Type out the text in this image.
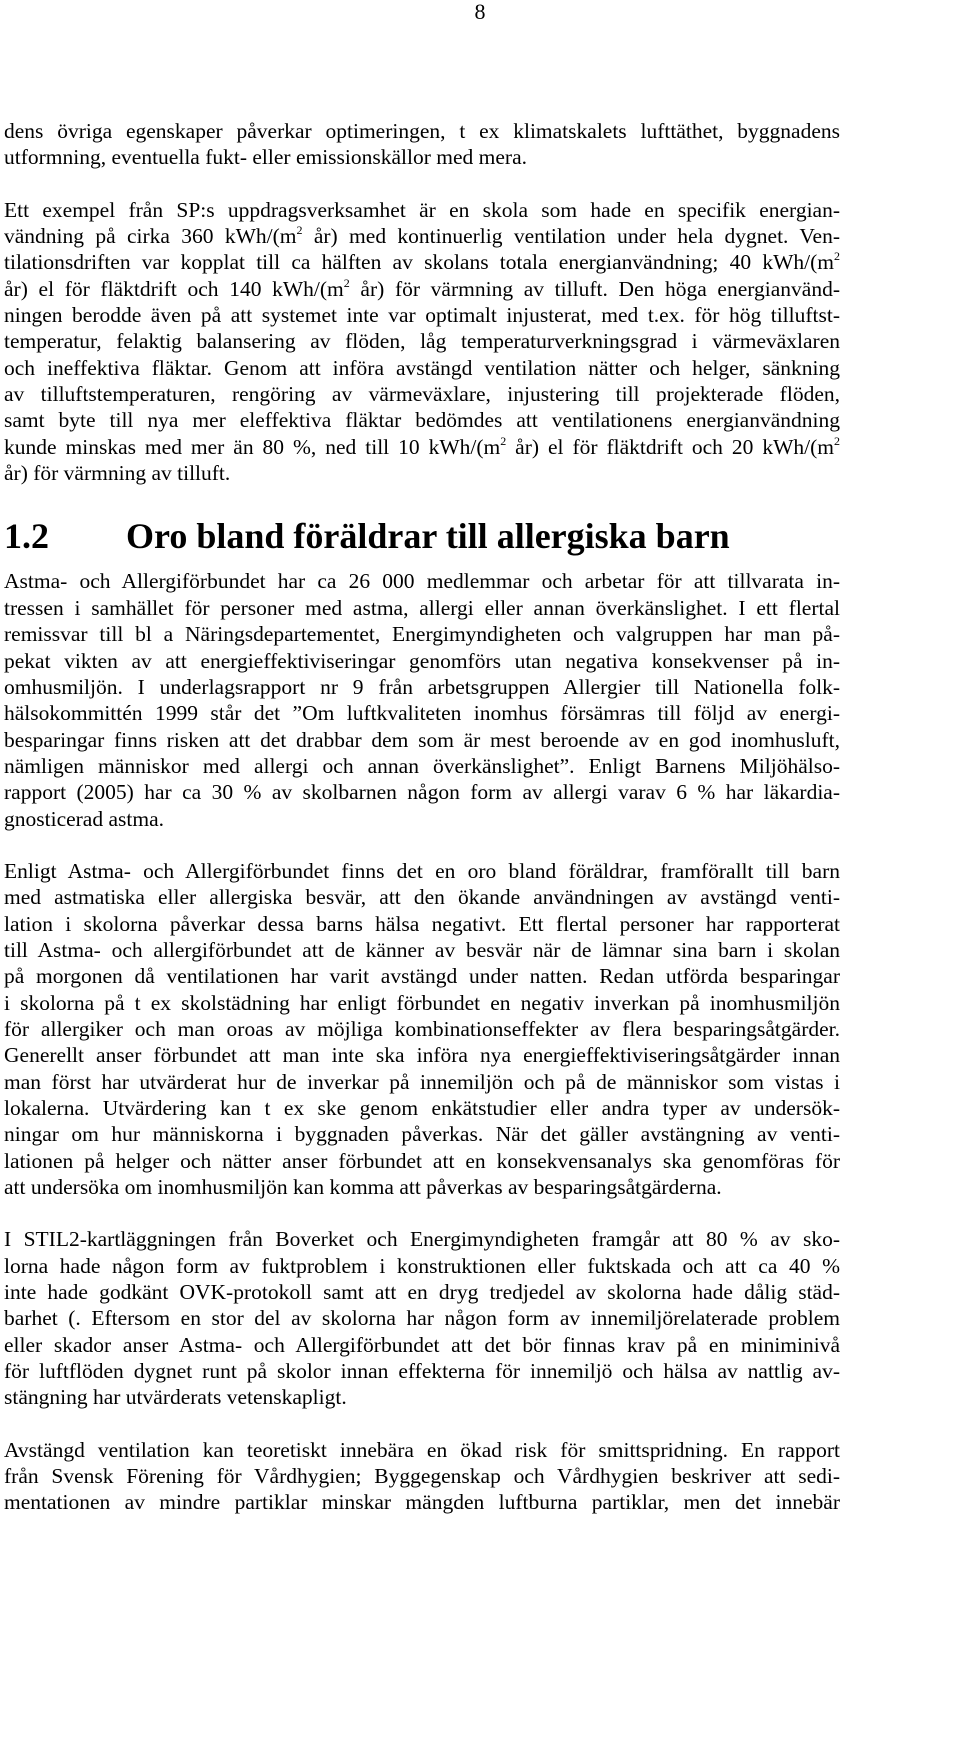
8
dens övriga egenskaper påverkar optimeringen, t ex klimatskalets lufttäthet, byggnadens
utformning, eventuella fukt- eller emissionskällor med mera.
Ett exempel från SP:s uppdragsverksamhet är en skola som hade en specifik energian-
vändning på cirka 360 kWh/($m^2$ år) med kontinuerlig ventilation under hela dygnet. Ven-
tilationsdriften var kopplat till ca hälften av skolans totala energianvändning; 40 kWh/($m^2$
år) el för fläktdrift och 140 kWh/($m^2$ år) för värmning av tilluft. Den höga energianvänd-
ningen berodde även på att systemet inte var optimalt injusterat, med t.ex. för hög tilluftst-
temperatur, felaktig balansering av flöden, låg temperaturverkningsgrad i värmeväxlaren
och ineffektiva fläktar. Genom att införa avstängd ventilation nätter och helger, sänkning
av tilluftstemperaturen, rengöring av värmeväxlare, injustering till projekterade flöden,
samt byte till nya mer eleffektiva fläktar bedömdes att ventilationens energianvändning
kunde minskas med mer än 80 %, ned till 10 kWh/($m^2$ år) el för fläktdrift och 20 kWh/($m^2$
år) för värmning av tilluft.
1.2	Oro bland föräldrar till allergiska barn
Astma- och Allergiförbundet har ca 26 000 medlemmar och arbetar för att tillvarata in-
tressen i samhället för personer med astma, allergi eller annan överkänslighet. I ett flertal
remissvar till bl a Näringsdepartementet, Energimyndigheten och valgruppen har man på-
pekat vikten av att energieffektiviseringar genomförs utan negativa konsekvenser på in-
omhusmiljön. I underlagsrapport nr 9 från arbetsgruppen Allergier till Nationella folk-
hälsokommittén 1999 står det ”Om luftkvaliteten inomhus försämras till följd av energi-
besparingar finns risken att det drabbar dem som är mest beroende av en god inomhusluft,
nämligen människor med allergi och annan överkänslighet”. Enligt Barnens Miljöhälso-
rapport (2005) har ca 30 % av skolbarnen någon form av allergi varav 6 % har läkardia-
gnosticerad astma.
Enligt Astma- och Allergiförbundet finns det en oro bland föräldrar, framförallt till barn
med astmatiska eller allergiska besvär, att den ökande användningen av avstängd venti-
lation i skolorna påverkar dessa barns hälsa negativt. Ett flertal personer har rapporterat
till Astma- och allergiförbundet att de känner av besvär när de lämnar sina barn i skolan
på morgonen då ventilationen har varit avstängd under natten. Redan utförda besparingar
i skolorna på t ex skolstädning har enligt förbundet en negativ inverkan på inomhusmiljön
för allergiker och man oroas av möjliga kombinationseffekter av flera besparingsåtgärder.
Generellt anser förbundet att man inte ska införa nya energieffektiviseringsåtgärder innan
man först har utvärderat hur de inverkar på innemiljön och på de människor som vistas i
lokalerna. Utvärdering kan t ex ske genom enkätstudier eller andra typer av undersök-
ningar om hur människorna i byggnaden påverkas. När det gäller avstängning av venti-
lationen på helger och nätter anser förbundet att en konsekvensanalys ska genomföras för
att undersöka om inomhusmiljön kan komma att påverkas av besparingsåtgärderna.
I STIL2-kartläggningen från Boverket och Energimyndigheten framgår att 80 % av sko-
lorna hade någon form av fuktproblem i konstruktionen eller fuktskada och att ca 40 %
inte hade godkänt OVK-protokoll samt att en dryg tredjedel av skolorna hade dålig städ-
barhet (. Eftersom en stor del av skolorna har någon form av innemiljörelaterade problem
eller skador anser Astma- och Allergiförbundet att det bör finnas krav på en miniminivå
för luftflöden dygnet runt på skolor innan effekterna för innemiljö och hälsa av nattlig av-
stängning har utvärderats vetenskapligt.
Avstängd ventilation kan teoretiskt innebära en ökad risk för smittspridning. En rapport
från Svensk Förening för Vårdhygien; Byggegenskap och Vårdhygien beskriver att sedi-
mentationen av mindre partiklar minskar mängden luftburna partiklar, men det innebär
